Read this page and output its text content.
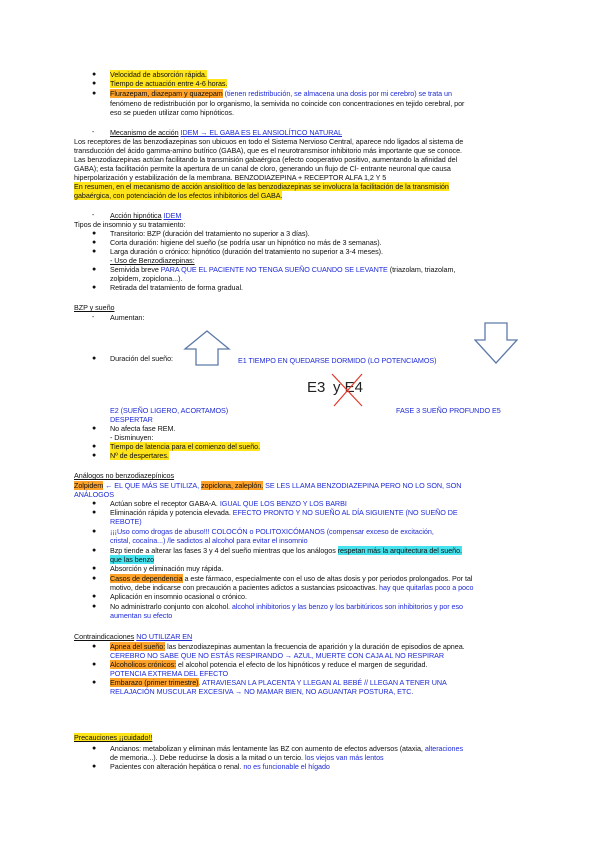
● Velocidad de absorción rápida.
● Tiempo de actuación entre 4-6 horas.
● Flurazepam, diazepam y quazepam (tienen redistribución, se almacena una dosis por mi cerebro) se trata un
fenómeno de redistribución por lo organismo, la semivida no coincide con concentraciones en tejido cerebral, por
eso se pueden utilizar como hipnóticos.
- Mecanismo de acción IDEM → EL GABA ES EL ANSIOLÍTICO NATURAL
Los receptores de las benzodiazepinas son ubicuos en todo el Sistema Nervioso Central, aparece ndo ligados al sistema de
transducción del ácido gamma-amino butírico (GABA), que es el neurotransmisor inhibitorio más importante que se conoce.
Las benzodiazepinas actúan facilitando la transmisión gabaérgica (efecto cooperativo positivo, aumentando la afinidad del
GABA); esta facilitación permite la apertura de un canal de cloro, generando un flujo de Cl- entrante neuronal que causa
hiperpolarización y estabilización de la membrana. BENZODIAZEPINA + RECEPTOR ALFA 1,2 Y 5
En resumen, en el mecanismo de acción ansiolítico de las benzodiazepinas se involucra la facilitación de la transmisión
gabaérgica, con potenciación de los efectos inhibitorios del GABA.
- Acción hipnótica IDEM
Tipos de insomnio y su tratamiento:
● Transitorio: BZP (duración del tratamiento no superior a 3 días).
● Corta duración: higiene del sueño (se podría usar un hipnótico no más de 3 semanas).
● Larga duración o crónico: hipnótico (duración del tratamiento no superior a 3-4 meses).
- Uso de Benzodiazepinas:
● Semivida breve PARA QUE EL PACIENTE NO TENGA SUEÑO CUANDO SE LEVANTE (triazolam, triazolam,
zolpidem, zopiclona...).
● Retirada del tratamiento de forma gradual.
BZP y sueño
- Aumentan:
● Duración del sueño:	E1 TIEMPO EN QUEDARSE DORMIDO (LO POTENCIAMOS)
E3 y E4
E2 (SUEÑO LIGERO, ACORTAMOS)	FASE 3 SUEÑO PROFUNDO E5
DESPERTAR
● No afecta fase REM.
- Disminuyen:
● Tiempo de latencia para el comienzo del sueño.
● Nº de despertares.
Análogos no benzodiazepínicos
Zolpidem ← EL QUE MÁS SE UTILIZA, zopiclona, zaleplón. SE LES LLAMA BENZODIAZEPINA PERO NO LO SON, SON
ANÁLOGOS
● Actúan sobre el receptor GABA-A. IGUAL QUE LOS BENZO Y LOS BARBI
● Eliminación rápida y potencia elevada. EFECTO PRONTO Y NO SUEÑO AL DÍA SIGUIENTE (NO SUEÑO DE
REBOTE)
● ¡¡¡Uso como drogas de abuso!!! COLOCÓN o POLITOXICÓMANOS (compensar exceso de excitación,
cristal, cocaína...) /le sadictos al alcohol para evitar el insomnio
● Bzp tiende a alterar las fases 3 y 4 del sueño mientras que los análogos respetan más la arquitectura del sueño.
que las benzo
● Absorción y eliminación muy rápida.
● Casos de dependencia a este fármaco, especialmente con el uso de altas dosis y por periodos prolongados. Por tal
motivo, debe indicarse con precaución a pacientes adictos a sustancias psicoactivas. hay que quitarlas poco a poco
● Aplicación en insomnio ocasional o crónico.
● No administrarlo conjunto con alcohol. alcohol inhibitorios y las benzo y los barbitúricos son inhibitorios y por eso
aumentan su efecto
Contraindicaciones NO UTILIZAR EN
● Apnea del sueño: las benzodiazepinas aumentan la frecuencia de aparición y la duración de episodios de apnea.
CEREBRO NO SABE QUE NO ESTÁS RESPIRANDO → AZUL, MUERTE CON CAJA AL NO RESPIRAR
● Alcoholicos crónicos: el alcohol potencia el efecto de los hipnóticos y reduce el margen de seguridad.
POTENCIA EXTREMA DEL EFECTO
● Embarazo (primer trimestre). ATRAVIESAN LA PLACENTA Y LLEGAN AL BEBÉ // LLEGAN A TENER UNA
RELAJACIÓN MUSCULAR EXCESIVA → NO MAMAR BIEN, NO AGUANTAR POSTURA, ETC.
Precauciones ¡¡cuidado!!
● Ancianos: metabolizan y eliminan más lentamente las BZ con aumento de efectos adversos (ataxia, alteraciones
de memoria...). Debe reducirse la dosis a la mitad o un tercio. los viejos van más lentos
● Pacientes con alteración hepática o renal. no es funcionable el hígado
